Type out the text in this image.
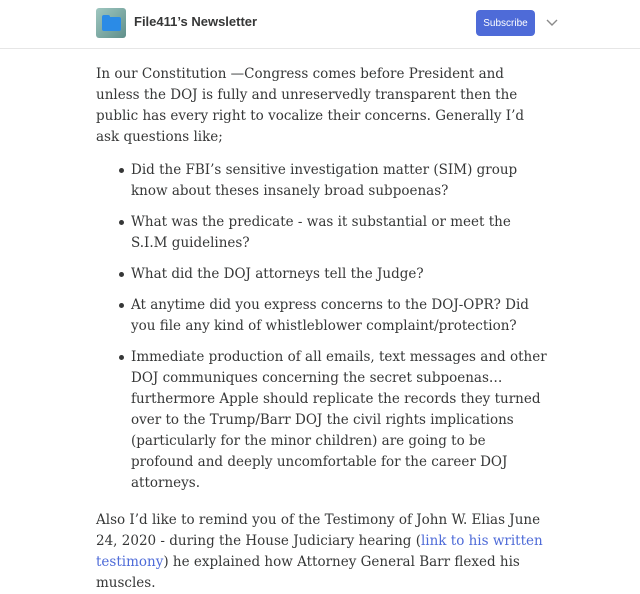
File411’s Newsletter	Subscribe

In our Constitution —Congress comes before President and unless the DOJ is fully and unreservedly transparent then the public has every right to vocalize their concerns. Generally I’d ask questions like;

Did the FBI’s sensitive investigation matter (SIM) group know about theses insanely broad subpoenas?
What was the predicate - was it substantial or meet the S.I.M guidelines?
What did the DOJ attorneys tell the Judge?
At anytime did you express concerns to the DOJ-OPR? Did you file any kind of whistleblower complaint/protection?
Immediate production of all emails, text messages and other DOJ communiques concerning the secret subpoenas… furthermore Apple should replicate the records they turned over to the Trump/Barr DOJ the civil rights implications (particularly for the minor children) are going to be profound and deeply uncomfortable for the career DOJ attorneys.

Also I’d like to remind you of the Testimony of John W. Elias June 24, 2020 - during the House Judiciary hearing (link to his written testimony) he explained how Attorney General Barr flexed his muscles.
